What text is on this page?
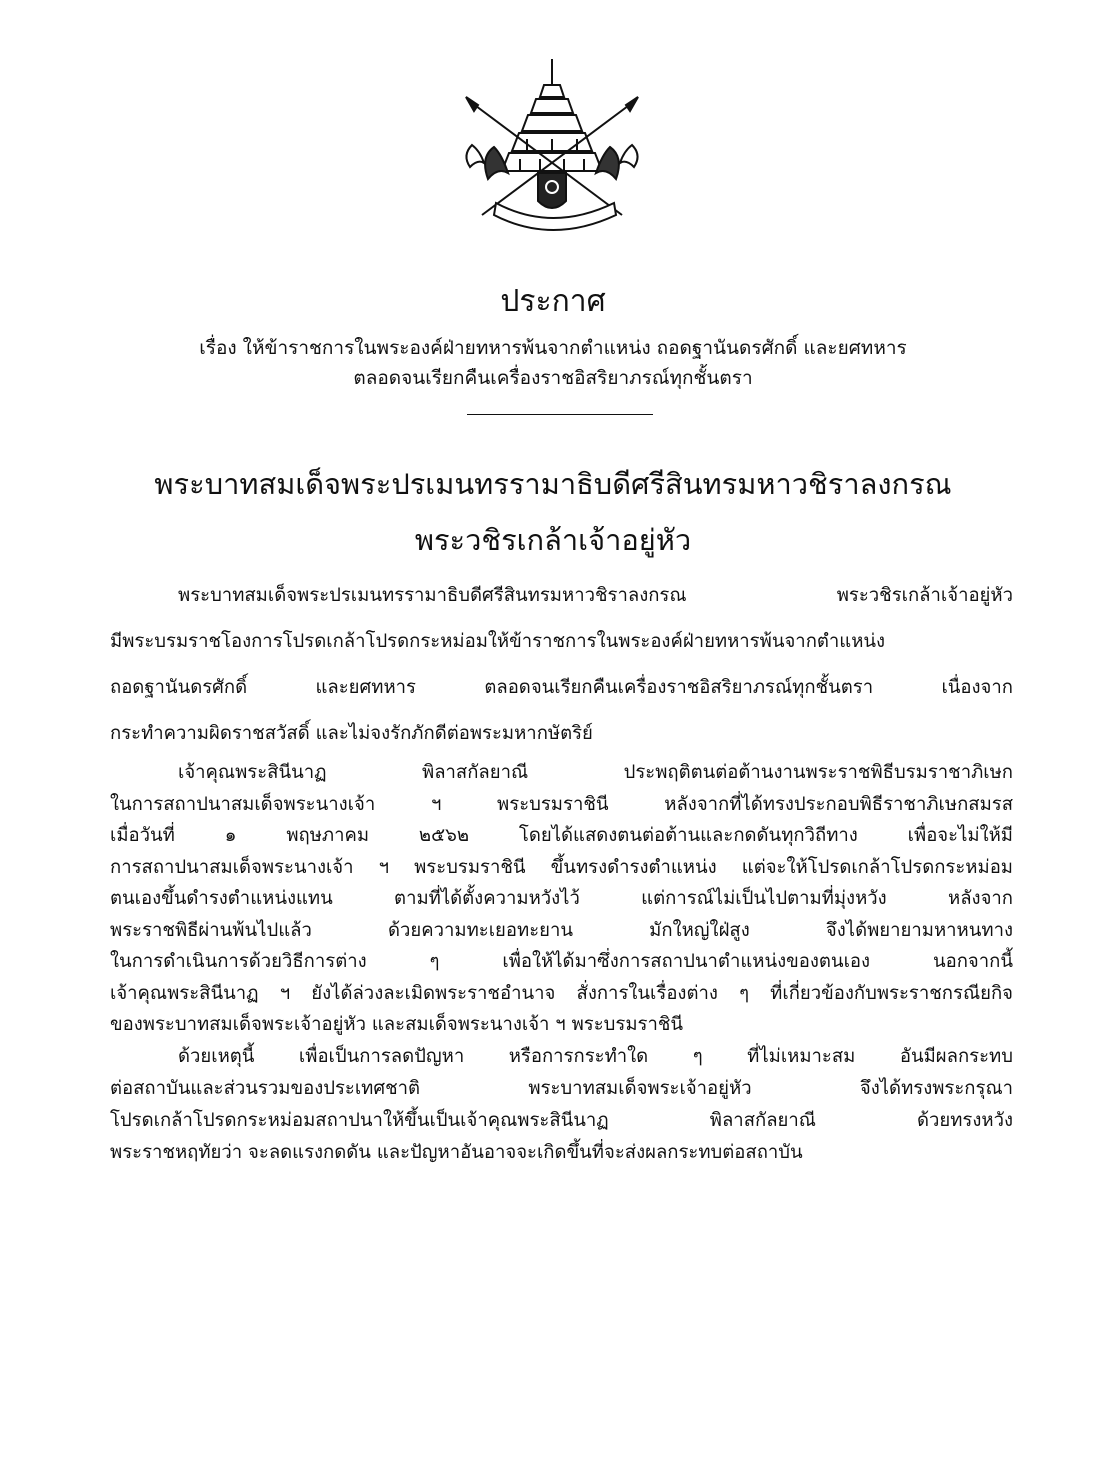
ประกาศ
เรื่อง ให้ข้าราชการในพระองค์ฝ่ายทหารพ้นจากตำแหน่ง ถอดฐานันดรศักดิ์ และยศทหาร
ตลอดจนเรียกคืนเครื่องราชอิสริยาภรณ์ทุกชั้นตรา
พระบาทสมเด็จพระปรเมนทรรามาธิบดีศรีสินทรมหาวชิราลงกรณ
พระวชิรเกล้าเจ้าอยู่หัว
พระบาทสมเด็จพระปรเมนทรรามาธิบดีศรีสินทรมหาวชิราลงกรณ พระวชิรเกล้าเจ้าอยู่หัว
มีพระบรมราชโองการโปรดเกล้าโปรดกระหม่อมให้ข้าราชการในพระองค์ฝ่ายทหารพ้นจากตำแหน่ง
ถอดฐานันดรศักดิ์ และยศทหาร ตลอดจนเรียกคืนเครื่องราชอิสริยาภรณ์ทุกชั้นตรา เนื่องจาก
กระทำความผิดราชสวัสดิ์ และไม่จงรักภักดีต่อพระมหากษัตริย์
เจ้าคุณพระสินีนาฏ พิลาสกัลยาณี ประพฤติตนต่อต้านงานพระราชพิธีบรมราชาภิเษก
ในการสถาปนาสมเด็จพระนางเจ้า ฯ พระบรมราชินี หลังจากที่ได้ทรงประกอบพิธีราชาภิเษกสมรส
เมื่อวันที่ ๑ พฤษภาคม ๒๕๖๒ โดยได้แสดงตนต่อต้านและกดดันทุกวิถีทาง เพื่อจะไม่ให้มี
การสถาปนาสมเด็จพระนางเจ้า ฯ พระบรมราชินี ขึ้นทรงดำรงตำแหน่ง แต่จะให้โปรดเกล้าโปรดกระหม่อม
ตนเองขึ้นดำรงตำแหน่งแทน ตามที่ได้ตั้งความหวังไว้ แต่การณ์ไม่เป็นไปตามที่มุ่งหวัง หลังจาก
พระราชพิธีผ่านพ้นไปแล้ว ด้วยความทะเยอทะยาน มักใหญ่ใฝ่สูง จึงได้พยายามหาหนทาง
ในการดำเนินการด้วยวิธีการต่าง ๆ เพื่อให้ได้มาซึ่งการสถาปนาตำแหน่งของตนเอง นอกจากนี้
เจ้าคุณพระสินีนาฏ ฯ ยังได้ล่วงละเมิดพระราชอำนาจ สั่งการในเรื่องต่าง ๆ ที่เกี่ยวข้องกับพระราชกรณียกิจ
ของพระบาทสมเด็จพระเจ้าอยู่หัว และสมเด็จพระนางเจ้า ฯ พระบรมราชินี
ด้วยเหตุนี้ เพื่อเป็นการลดปัญหา หรือการกระทำใด ๆ ที่ไม่เหมาะสม อันมีผลกระทบ
ต่อสถาบันและส่วนรวมของประเทศชาติ พระบาทสมเด็จพระเจ้าอยู่หัว จึงได้ทรงพระกรุณา
โปรดเกล้าโปรดกระหม่อมสถาปนาให้ขึ้นเป็นเจ้าคุณพระสินีนาฏ พิลาสกัลยาณี ด้วยทรงหวัง
พระราชหฤทัยว่า จะลดแรงกดดัน และปัญหาอันอาจจะเกิดขึ้นที่จะส่งผลกระทบต่อสถาบัน
